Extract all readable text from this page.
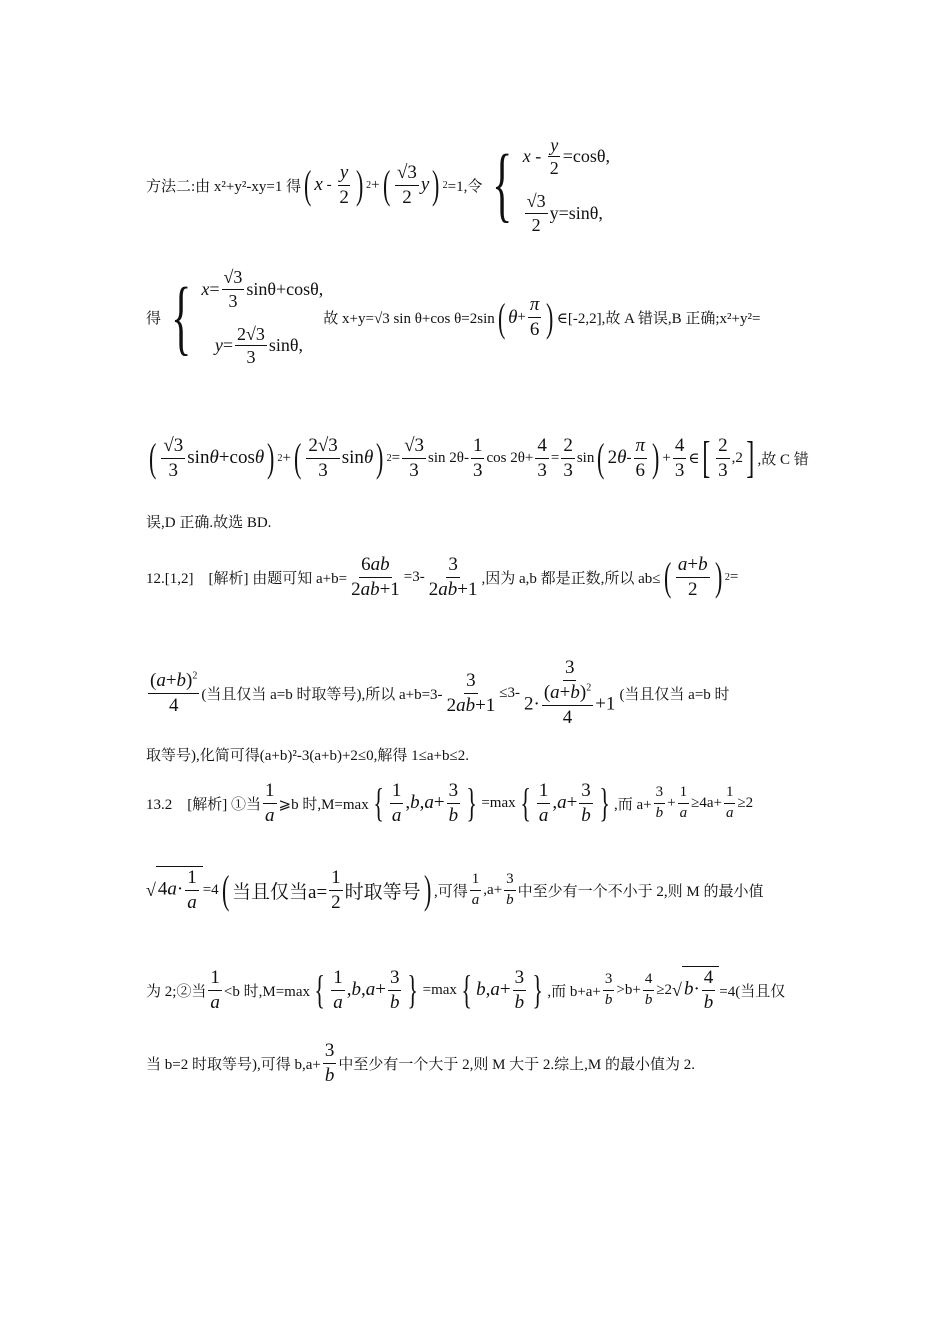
方法二:由 x²+y²-xy=1 得 ( x - $\frac{y}{2}$ ) 2 + ( $\frac{√3}{2}$ y ) 2 =1,令 { $x - \frac{y}{2} =\cos\theta$,
$\frac{√3}{2} y=\sin\theta$,
得 { $x = \frac{√3}{3} \sin\theta+\cos\theta$,

$y = \frac{2√3}{3} \sin\theta$,
故 x+y=√3 sin θ+cos θ=2sin ( $\theta + \frac{\pi}{6}$ ) ∈[-2,2],故 A 错误,B 正确;x²+y²=
( $\frac{√3}{3}$ sin θ +cos θ ) 2 + ( $\frac{2√3}{3}$ sin θ ) $2 = \frac{√3}{3}$ $\sin 2\theta- \frac{1}{3}$ $\cos 2\theta+ \frac{4}{3} = \frac{2}{3}$ sin ( 2 θ - $\frac{\pi}{6}$ ) + $\frac{4}{3}$ ∈ [ $\frac{2}{3} ,2$ ] ,故 C 错
误,D 正确.故选 BD.
12.[1,2]　[解析] 由题可知 $a+b= \frac{6ab}{2ab+1} =3- \frac{3}{2ab+1}$ ,因为 a,b 都是正数,所以 ab≤ ( $\frac{a+b}{2}$ ) 2 =
$\frac{(a+b)^2}{4}$ (当且仅当 a=b 时取等号),所以 $a+b=3- \frac{3}{2ab+1} \le 3- \frac{3}{2\cdot \frac{(a+b)^2}{4} +1}$ (当且仅当 a=b 时
取等号),化简可得(a+b)²-3(a+b)+2≤0,解得 1≤a+b≤2.
13.2　[解析] ①当 $\frac{1}{a}$ ⩾b 时,M=max { $\frac{1}{a} ,b,a+ \frac{3}{b}$ } =max { $\frac{1}{a} ,a+ \frac{3}{b}$ } ,而 $a+ \frac{3}{b} + \frac{1}{a} \ge 4a+ \frac{1}{a} \ge 2$
√ $4a\cdot \frac{1}{a} =4$ ( 当且仅当$a= \frac{1}{2}$ 时取等号 ) ,可得 $\frac{1}{a} ,a+ \frac{3}{b}$ 中至少有一个不小于 2,则 M 的最小值
为 2;②当 $\frac{1}{a} <b$ 时,M=max { $\frac{1}{a} ,b,a+ \frac{3}{b}$ } =max { $b,a+ \frac{3}{b}$ } ,而 $b+a+ \frac{3}{b} >b+ \frac{4}{b} \ge 2$ √ $b\cdot \frac{4}{b} =4$(当且仅
当 b=2 时取等号),可得 $b,a+ \frac{3}{b}$ 中至少有一个大于 2,则 M 大于 2.综上,M 的最小值为 2.
